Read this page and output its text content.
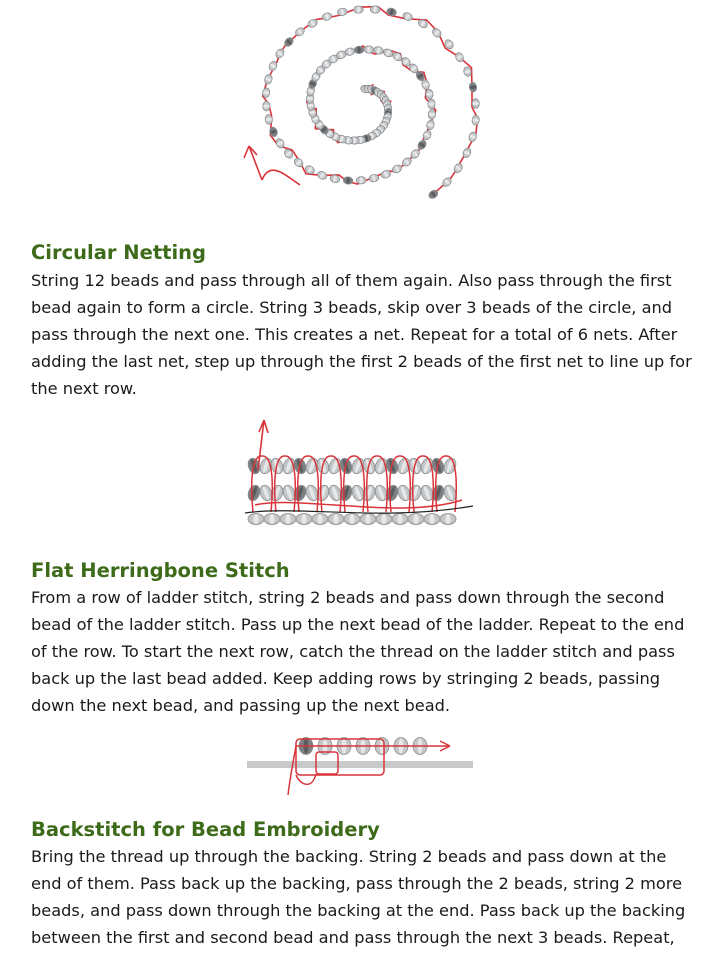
Circular Netting
String 12 beads and pass through all of them again. Also pass through the first
bead again to form a circle. String 3 beads, skip over 3 beads of the circle, and
pass through the next one. This creates a net. Repeat for a total of 6 nets. After
adding the last net, step up through the first 2 beads of the first net to line up for
the next row.
Flat Herringbone Stitch
From a row of ladder stitch, string 2 beads and pass down through the second
bead of the ladder stitch. Pass up the next bead of the ladder. Repeat to the end
of the row. To start the next row, catch the thread on the ladder stitch and pass
back up the last bead added. Keep adding rows by stringing 2 beads, passing
down the next bead, and passing up the next bead.
Backstitch for Bead Embroidery
Bring the thread up through the backing. String 2 beads and pass down at the
end of them. Pass back up the backing, pass through the 2 beads, string 2 more
beads, and pass down through the backing at the end. Pass back up the backing
between the first and second bead and pass through the next 3 beads. Repeat,
